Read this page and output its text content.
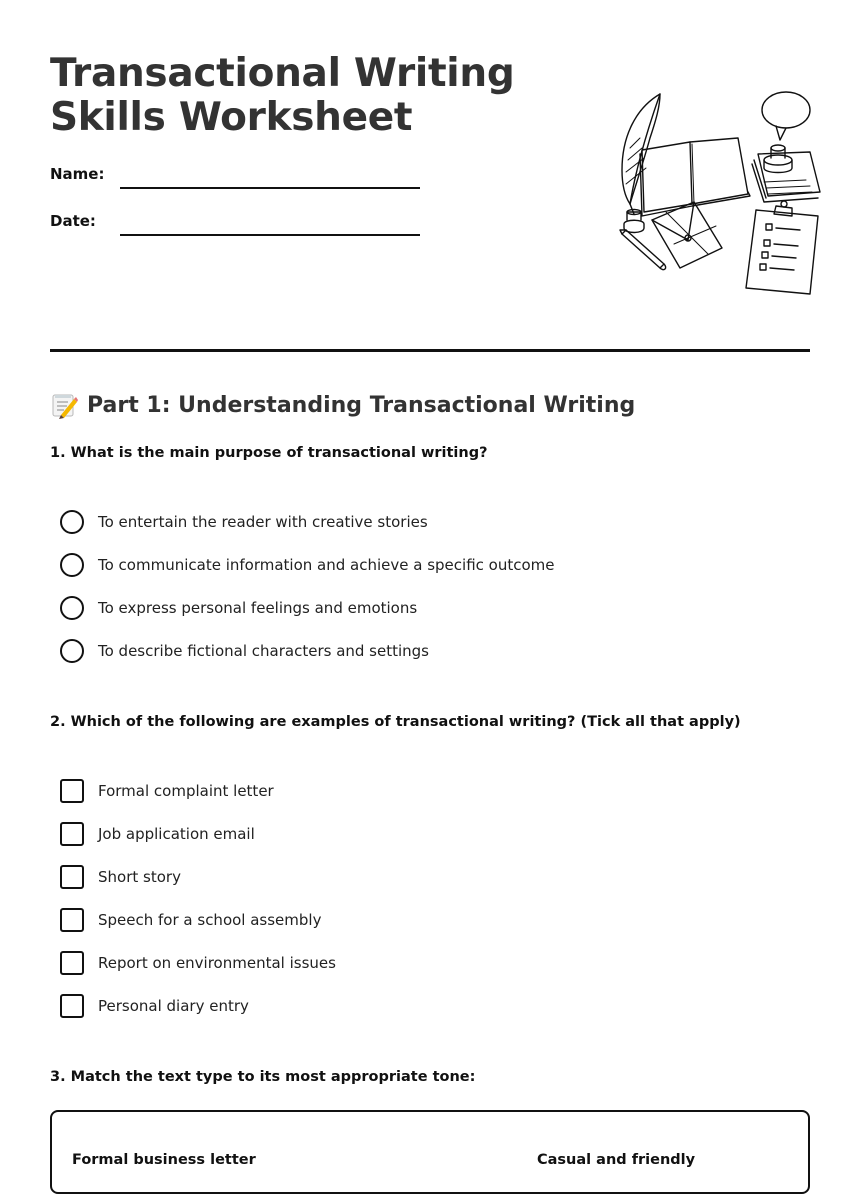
Transactional Writing
Skills Worksheet
Name:
Date:
Part 1: Understanding Transactional Writing

1. What is the main purpose of transactional writing?

To entertain the reader with creative stories
To communicate information and achieve a specific outcome
To express personal feelings and emotions
To describe fictional characters and settings

2. Which of the following are examples of transactional writing? (Tick all that apply)

Formal complaint letter
Job application email
Short story
Speech for a school assembly
Report on environmental issues
Personal diary entry

3. Match the text type to its most appropriate tone:

Formal business letter	Casual and friendly
